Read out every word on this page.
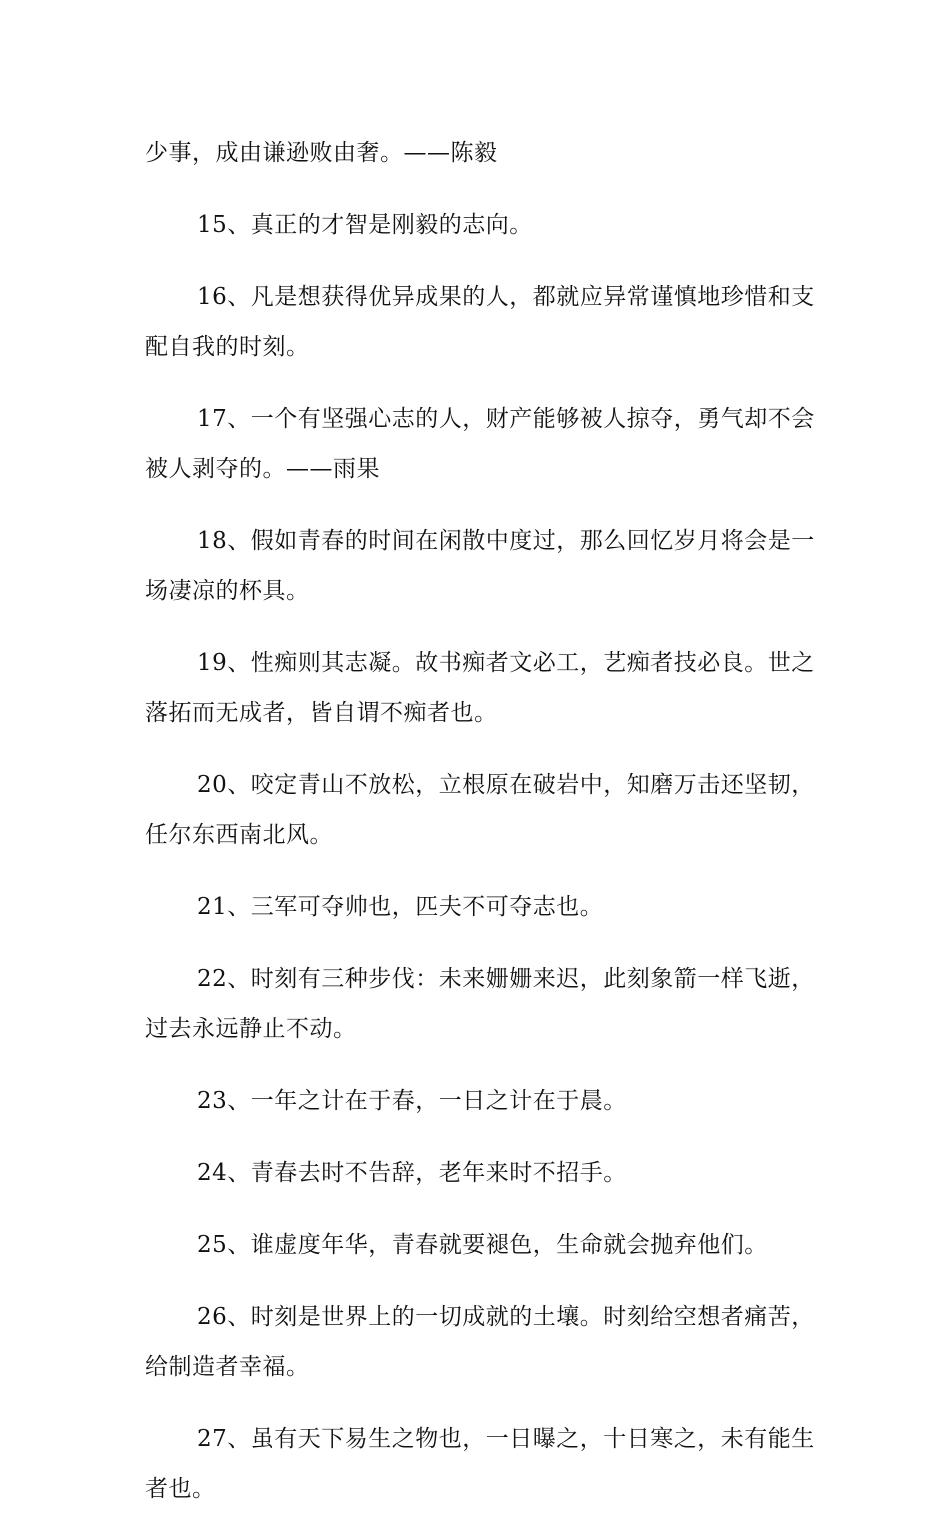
少事，成由谦逊败由奢。——陈毅

15、真正的才智是刚毅的志向。

16、凡是想获得优异成果的人，都就应异常谨慎地珍惜和支配自我的时刻。

17、一个有坚强心志的人，财产能够被人掠夺，勇气却不会被人剥夺的。——雨果

18、假如青春的时间在闲散中度过，那么回忆岁月将会是一场凄凉的杯具。

19、性痴则其志凝。故书痴者文必工，艺痴者技必良。世之落拓而无成者，皆自谓不痴者也。

20、咬定青山不放松，立根原在破岩中，知磨万击还坚韧，任尔东西南北风。

21、三军可夺帅也，匹夫不可夺志也。

22、时刻有三种步伐：未来姗姗来迟，此刻象箭一样飞逝，过去永远静止不动。

23、一年之计在于春，一日之计在于晨。

24、青春去时不告辞，老年来时不招手。

25、谁虚度年华，青春就要褪色，生命就会抛弃他们。

26、时刻是世界上的一切成就的土壤。时刻给空想者痛苦，给制造者幸福。

27、虽有天下易生之物也，一日曝之，十日寒之，未有能生者也。
